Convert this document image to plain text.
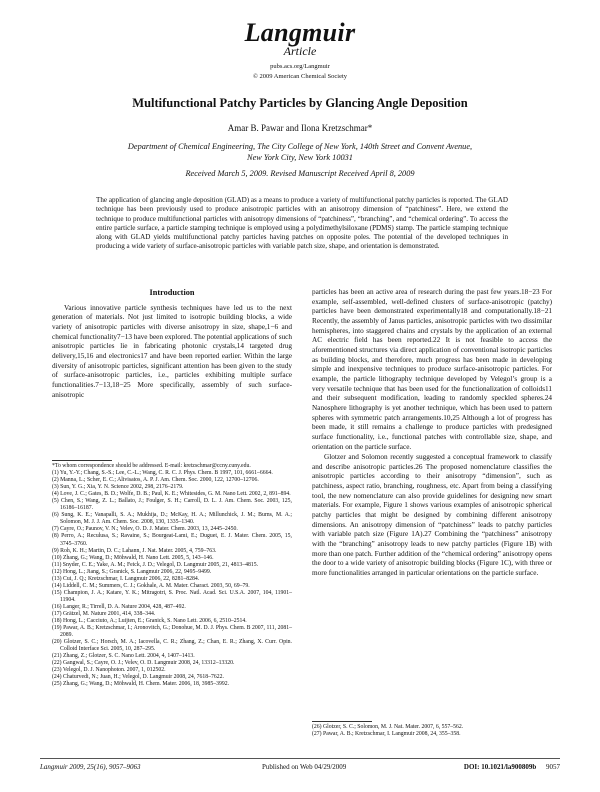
Langmuir
Article
pubs.acs.org/Langmuir
© 2009 American Chemical Society
Multifunctional Patchy Particles by Glancing Angle Deposition
Amar B. Pawar and Ilona Kretzschmar*
Department of Chemical Engineering, The City College of New York, 140th Street and Convent Avenue,
New York City, New York 10031
Received March 5, 2009. Revised Manuscript Received April 8, 2009
The application of glancing angle deposition (GLAD) as a means to produce a variety of multifunctional patchy particles is reported. The GLAD technique has been previously used to produce anisotropic particles with an anisotropy dimension of “patchiness”. Here, we extend the technique to produce multifunctional particles with anisotropy dimensions of “patchiness”, “branching”, and “chemical ordering”. To access the entire particle surface, a particle stamping technique is employed using a polydimethylsiloxane (PDMS) stamp. The particle stamping technique along with GLAD yields multifunctional patchy particles having patches on opposite poles. The potential of the developed techniques in producing a wide variety of surface-anisotropic particles with variable patch size, shape, and orientation is demonstrated.
Introduction

Various innovative particle synthesis techniques have led us to the next generation of materials. Not just limited to isotropic building blocks, a wide variety of anisotropic particles with diverse anisotropy in size, shape,1−6 and chemical functionality7−13 have been explored. The potential applications of such anisotropic particles lie in fabricating photonic crystals,14 targeted drug delivery,15,16 and electronics17 and have been reported earlier. Within the large diversity of anisotropic particles, significant attention has been given to the study of surface-anisotropic particles, i.e., particles exhibiting multiple surface functionalities.7−13,18−25 More specifically, assembly of such surface-anisotropic

*To whom correspondence should be addressed. E-mail: kretzschmar@ccny.cuny.edu.
(1) Yu, Y.-Y.; Chang, S.-S.; Lee, C.-L.; Wang, C. R. C. J. Phys. Chem. B 1997, 101, 6661–6664.
(2) Manna, L.; Scher, E. C.; Alivisatos, A. P. J. Am. Chem. Soc. 2000, 122, 12700–12706.
(3) Sun, Y. G.; Xia, Y. N. Science 2002, 298, 2176–2179.
(4) Love, J. C.; Gates, B. D.; Wolfe, D. B.; Paul, K. E.; Whitesides, G. M. Nano Lett. 2002, 2, 891–894.
(5) Chen, S.; Wang, Z. L.; Ballato, J.; Foulger, S. H.; Carroll, D. L. J. Am. Chem. Soc. 2003, 125, 16186–16187.
(6) Sung, K. E.; Vanapalli, S. A.; Mukhija, D.; McKay, H. A.; Millunchick, J. M.; Burns, M. A.; Solomon, M. J. J. Am. Chem. Soc. 2008, 130, 1335–1340.
(7) Cayre, O.; Paunov, V. N.; Velev, O. D. J. Mater. Chem. 2003, 13, 2445–2450.
(8) Perro, A.; Reculusa, S.; Ravaine, S.; Bourgeat-Lami, E.; Duguet, E. J. Mater. Chem. 2005, 15, 3745–3760.
(9) Roh, K. H.; Martin, D. C.; Lahann, J. Nat. Mater. 2005, 4, 759–763.
(10) Zhang, G.; Wang, D.; Möhwald, H. Nano Lett. 2005, 5, 143–146.
(11) Snyder, C. E.; Yake, A. M.; Feick, J. D.; Velegol, D. Langmuir 2005, 21, 4813–4815.
(12) Hong, L.; Jiang, S.; Granick, S. Langmuir 2006, 22, 9495–9499.
(13) Cui, J. Q.; Kretzschmar, I. Langmuir 2006, 22, 8281–8284.
(14) Liddell, C. M.; Summers, C. J.; Gokhale, A. M. Mater. Charact. 2003, 50, 69–79.
(15) Champion, J. A.; Katare, Y. K.; Mitragotri, S. Proc. Natl. Acad. Sci. U.S.A. 2007, 104, 11901–11904.
(16) Langer, R.; Tirrell, D. A. Nature 2004, 428, 487–492.
(17) Grätzel, M. Nature 2001, 414, 338–344.
(18) Hong, L.; Cacciuto, A.; Luijten, E.; Granick, S. Nano Lett. 2006, 6, 2510–2514.
(19) Pawar, A. B.; Kretzschmar, I.; Aronovitch, G.; Donohue, M. D. J. Phys. Chem. B 2007, 111, 2081–2089.
(20) Glotzer, S. C.; Horsch, M. A.; Iacovella, C. R.; Zhang, Z.; Chan, E. R.; Zhang, X. Curr. Opin. Colloid Interface Sci. 2005, 10, 287–295.
(21) Zhang, Z.; Glotzer, S. C. Nano Lett. 2004, 4, 1407–1413.
(22) Gangwal, S.; Cayre, O. J.; Velev, O. D. Langmuir 2008, 24, 13312–13320.
(23) Velegol, D. J. Nanophoton. 2007, 1, 012502.
(24) Chaturvedi, N.; Juan, H.; Velegol, D. Langmuir 2008, 24, 7618–7622.
(25) Zhang, G.; Wang, D.; Möhwald, H. Chem. Mater. 2006, 18, 3985–3992.

particles has been an active area of research during the past few years.18−23 For example, self-assembled, well-defined clusters of surface-anisotropic (patchy) particles have been demonstrated experimentally18 and computationally.18−21 Recently, the assembly of Janus particles, anisotropic particles with two dissimilar hemispheres, into staggered chains and crystals by the application of an external AC electric field has been reported.22 It is not feasible to access the aforementioned structures via direct application of conventional isotropic particles as building blocks, and therefore, much progress has been made in developing simple and inexpensive techniques to produce surface-anisotropic particles. For example, the particle lithography technique developed by Velegol’s group is a very versatile technique that has been used for the functionalization of colloids11 and their subsequent modification, leading to randomly speckled spheres.24 Nanosphere lithography is yet another technique, which has been used to pattern spheres with symmetric patch arrangements.10,25 Although a lot of progress has been made, it still remains a challenge to produce particles with predesigned surface functionality, i.e., functional patches with controllable size, shape, and orientation on the particle surface.

Glotzer and Solomon recently suggested a conceptual framework to classify and describe anisotropic particles.26 The proposed nomenclature classifies the anisotropic particles according to their anisotropy “dimension”, such as patchiness, aspect ratio, branching, roughness, etc. Apart from being a classifying tool, the new nomenclature can also provide guidelines for designing new smart materials. For example, Figure 1 shows various examples of anisotropic spherical patchy particles that might be designed by combining different anisotropy dimensions. An anisotropy dimension of “patchiness” leads to patchy particles with variable patch size (Figure 1A).27 Combining the “patchiness” anisotropy with the “branching” anisotropy leads to new patchy particles (Figure 1B) with more than one patch. Further addition of the “chemical ordering” anisotropy opens the door to a wide variety of anisotropic building blocks (Figure 1C), with three or more functionalities arranged in particular orientations on the particle surface.

(26) Glotzer, S. C.; Solomon, M. J. Nat. Mater. 2007, 6, 557–562.
(27) Pawar, A. B.; Kretzschmar, I. Langmuir 2008, 24, 355–358.
Langmuir 2009, 25(16), 9057–9063	Published on Web 04/29/2009	DOI: 10.1021/la900809b 9057
